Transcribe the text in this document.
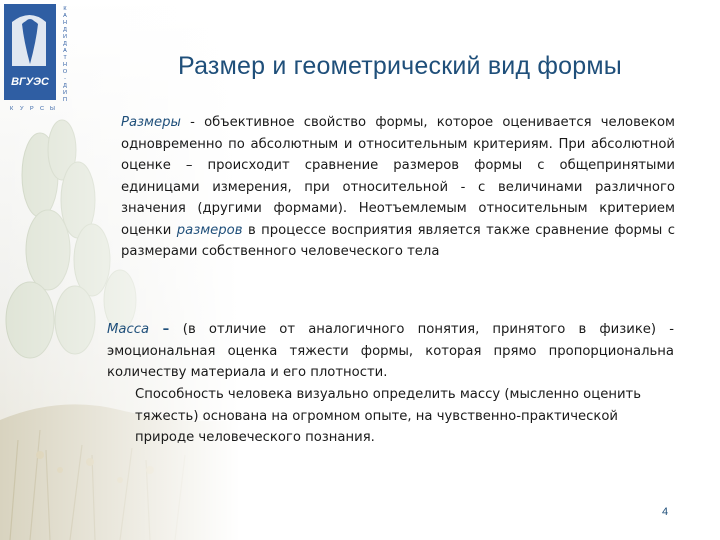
ВГУЭС
К
А
Н
Д
И
Д
А
Т
Н
О
-
Д
И
П
К У Р С Ы
Размер и геометрический вид формы
Размеры - объективное свойство формы, которое оценивается человеком одновременно по абсолютным и относительным критериям. При абсолютной оценке – происходит сравнение размеров формы с общепринятыми единицами измерения, при относительной - с величинами различного значения (другими формами). Неотъемлемым относительным критерием оценки размеров в процессе восприятия является также сравнение формы с размерами собственного человеческого тела
Масса – (в отличие от аналогичного понятия, принятого в физике) - эмоциональная оценка тяжести формы, которая прямо пропорциональна количеству материала и его плотности.
Способность человека визуально определить массу (мысленно оценить тяжесть) основана на огромном опыте, на чувственно-практической природе человеческого познания.
4
